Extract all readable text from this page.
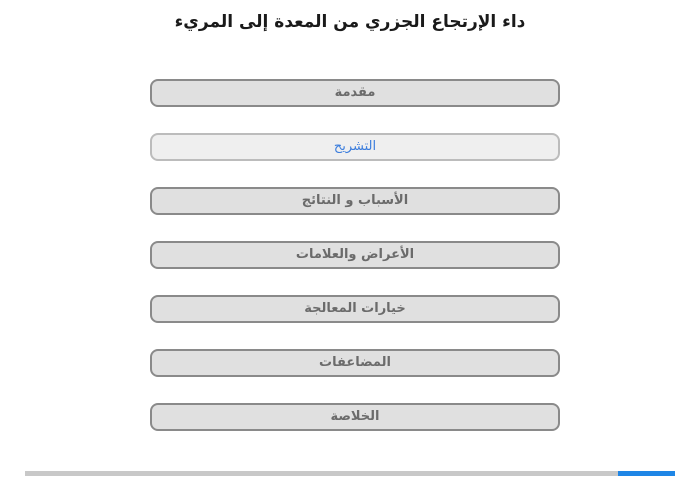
داء الإرتجاع الجزري من المعدة إلى المريء
مقدمة
التشريح
الأسباب و النتائج
الأعراض والعلامات
خيارات المعالجة
المضاعفات
الخلاصة
